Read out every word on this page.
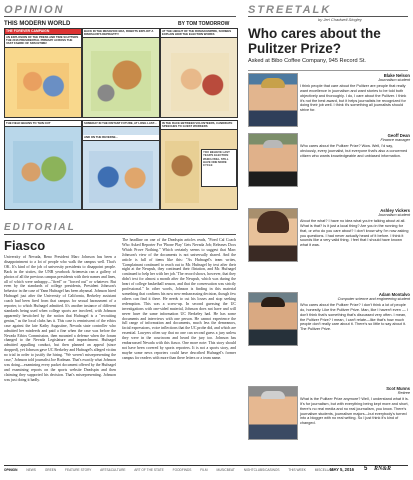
OPINION	STREETALK
by Jeri Chadwell-Singley
THIS MODERN WORLD	BY TOM TOMORROW
THE FOREVER CAMPAIGN
AN EXPLOSION OF THE PRESS AND TIME SCATTERS THE 2016 PRESIDENTIAL PRIMARY ACROSS THE VAST FABRIC OF SPACETIME!
BACK IN THE MESOZOIC ERA, ROBOTS EXPLOIT A DINOSAUR'S DEPRAVITY!
AT THE HEIGHT OF THE ROMAN EMPIRE, SCRIBES EXPLAIN HOW THE ELECTION WORKS
THE FIELD BEGINS TO THIN OUT	SOMEDAY IN THE DISTANT FUTURE, AT LONG LAST...
AND ON THE REVERSE...
IN THE RACE BETWEEN VOLUNTEERS, CANDIDATE SPEECHES TO GUEST WORKERS
YOU BELIEVE LAST YEAR'S ELECTION WHICH WILL STILL HAVE ONE MORE CYCLE
Who cares about the Pulitzer Prize?
Asked at Bibo Coffee Company, 945 Record St.
Blake Nelson
Journalism student
I think people that care about the Pulitzer are people that really want excellence in journalism and want stories to be told both objectively and thoroughly. I do, I care about the Pulitzer. I think it's not the best award, but it helps journalists be recognized for doing their job well. I think it's something all journalists should strive for.
Geoff Dean
Finance manager
Who cares about the Pulitzer Prize? Wow. Well, I'd say, obviously, every journalist, but everyone that's also a concerned citizen who wants knowledgeable and unbiased information.
Ashley Vickers
Journalism student
About the what? I have no idea what you're talking about at all. What is that? Is it just a local thing? Are you in the running for that, or who do you care about? I don't know why I'm now asking you questions. I had never actually heard of it before. I think it sounds like a very valid thing. I feel that I should have known what it was.
Adam Montalvo
Computer science and engineering student
Who cares about the Pulitzer Prize? I don't think a lot of people do, honestly. Like the Pulitzer Prize. Man, like I haven't even — I don't think that's something that's discussed very often. I mean, the Pulitzer Prize? I mean, I can't relate—like that's how much people don't really care about it. There's so little to say about it. The Pulitzer Prize.
Scot Munns
Retiree
What is the Pulitzer Prize anymore? Well, I understand what it is. It's for journalism, but with everything being kept more and short, there's no real media and no real journalism, you know. There's journalism students, journalism majors—but everybody's turned into a blogger with no real writing. So I just think it's kind of changed.
EDITORIAL
Fiasco
University of Nevada, Reno President Marc Johnson has been a disappointment to a lot of people who walk the campus well. That's OK. It's kind of the job of university presidents to disappoint people. Back in the sixties, the UNR yearbook Artemesia ran a gallery of photos of all the previous campus presidents with their names and lines, all of which were unhappy—"fired" or "forced out" or whatever. But even by the standards of college presidents, President Johnson's behavior in the case of Yann Hufnagel has been abysmal. Johnson hired Hufnagel just after the University of California, Berkeley assistant coach had been fired from that campus for sexual harassment of a reporter, to which Hufnagel admitted. It's another instance of different standards being used when college sports are involved, with Johnson apparently bewitched by the notion that Hufnagel is a "recruiting genius," as the local clubs has it. This case is reminiscent of the ethics case against the late Kathy Augustine, Nevada state controller who admitted her misdeeds and paid a fine when the case was before the Nevada Ethics Commission, then mounted a defense when the forum changed to the Nevada Legislature and impeachment. Hufnagel admitted appalling conduct, but then planned an appeal (since dropped), yet Johnson gave UC Berkeley and Hufnagel's alleged victim no trial in order to justify the hiring. "We weren't misrepresenting the case," Johnson told journalist Joe Rodman. That's exactly what Johnson was doing—examining every packet document offered by the Hufnagel and examining reports on the sports website Deadspin and then claiming they supported his decision. That's misrepresenting. Johnson was just doing it badly.
The headline on one of the Deadspin articles reads, "Fired Cal Coach Who Asked Reporter For 'Phone Play' Gets Nevada Job; Releases Docs Which Prove Nothing." Which certainly seems to suggest that Marc Johnson's view of the documents is not universally shared. And the article is full of items like this: "As Hufnagel's team writes, 'Complainant continued to reach out to Mr. Hufnagel by text after their night at the Newpub, they continued their flirtation, and Mr. Hufnagel continued to help her with her job.' The record shows, however, that they didn't text for almost a month after the Newpub, which was during the heart of college basketball season, and that the conversation was strictly professional." In other words, Johnson is finding in this material something that confirms his now new embarrassing decision, though few others can find it there. He needs to cut his losses and stop seeking redemption. This was a screw-up. In second guessing the UC investigations with one-sided material, Johnson does not have and will never have the same information UC Berkeley had. He has some documents and interviews with one person. He cannot experience the full range of information and documents, much less the demeanors, facial expressions, voice inflections that the UC probe did, and which are essential. Lawyers often say that no one can second guess a jury unless they were in the courtroom and heard the jury too. Johnson has embarrassed Nevada with this fiasco. One more note: This story should not have been covered by sports reporters. It is not a sports story, and maybe some news reporters could have described Hufnagel's former campus for readers with more than there letters or a team name.
OPINION	NEWS	GREEN	FEATURE STORY	ARTS&CULTURE	ART OF THE STATE	FOODFINDS	FILM	MUSICBEAT	NIGHTCLUBS/CASINOS	THIS WEEK	MISCELLANY
MAY 5, 2016 5 RN&R
